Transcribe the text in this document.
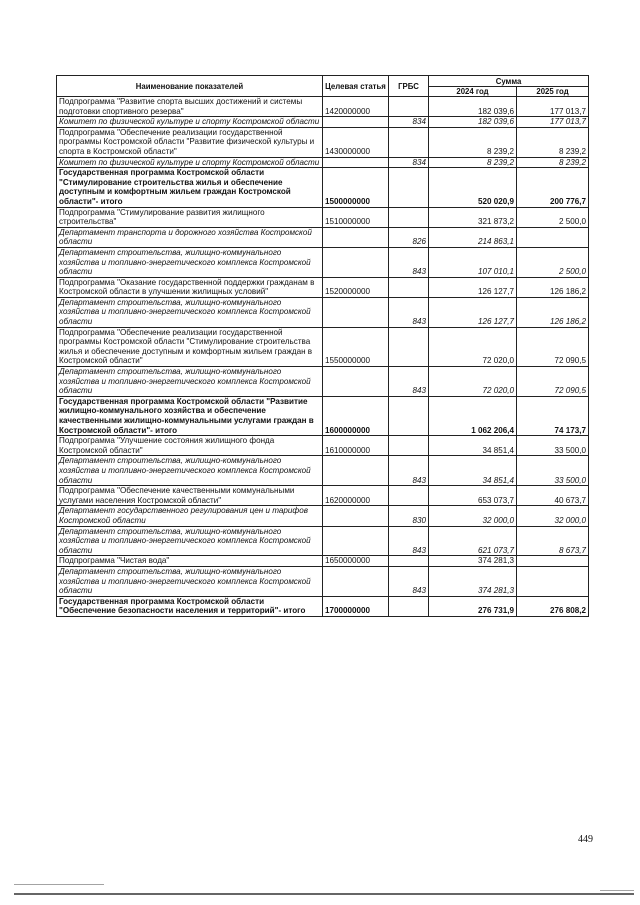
Наименование показателей	Целевая статья	ГРБС	Сумма	
			2024 год	2025 год
Подпрограмма "Развитие спорта высших достижений и системы подготовки спортивного резерва"	1420000000		182 039,6	177 013,7
Комитет по физической культуре и спорту Костромской области		834	182 039,6	177 013,7
Подпрограмма "Обеспечение реализации государственной программы Костромской области "Развитие физической культуры и спорта в Костромской области"	1430000000		8 239,2	8 239,2
Комитет по физической культуре и спорту Костромской области		834	8 239,2	8 239,2
Государственная программа Костромской области "Стимулирование строительства жилья и обеспечение доступным и комфортным жильем граждан Костромской области"- итого	1500000000		520 020,9	200 776,7
Подпрограмма "Стимулирование развития жилищного строительства"	1510000000		321 873,2	2 500,0
Департамент транспорта и дорожного хозяйства Костромской области		826	214 863,1	
Департамент строительства, жилищно-коммунального хозяйства и топливно-энергетического комплекса Костромской области		843	107 010,1	2 500,0
Подпрограмма "Оказание государственной поддержки гражданам в Костромской области в улучшении жилищных условий"	1520000000		126 127,7	126 186,2
Департамент строительства, жилищно-коммунального хозяйства и топливно-энергетического комплекса Костромской области		843	126 127,7	126 186,2
Подпрограмма "Обеспечение реализации государственной программы Костромской области "Стимулирование строительства жилья и обеспечение доступным и комфортным жильем граждан в Костромской области"	1550000000		72 020,0	72 090,5
Департамент строительства, жилищно-коммунального хозяйства и топливно-энергетического комплекса Костромской области		843	72 020,0	72 090,5
Государственная программа Костромской области "Развитие жилищно-коммунального хозяйства и обеспечение качественными жилищно-коммунальными услугами граждан в Костромской области"- итого	1600000000		1 062 206,4	74 173,7
Подпрограмма "Улучшение состояния жилищного фонда Костромской области"	1610000000		34 851,4	33 500,0
Департамент строительства, жилищно-коммунального хозяйства и топливно-энергетического комплекса Костромской области		843	34 851,4	33 500,0
Подпрограмма "Обеспечение качественными коммунальными услугами населения Костромской области"	1620000000		653 073,7	40 673,7
Департамент государственного регулирования цен и тарифов Костромской области		830	32 000,0	32 000,0
Департамент строительства, жилищно-коммунального хозяйства и топливно-энергетического комплекса Костромской области		843	621 073,7	8 673,7
Подпрограмма "Чистая вода"	1650000000		374 281,3	
Департамент строительства, жилищно-коммунального хозяйства и топливно-энергетического комплекса Костромской области		843	374 281,3	
Государственная программа Костромской области "Обеспечение безопасности населения и территорий"- итого	1700000000		276 731,9	276 808,2
449
